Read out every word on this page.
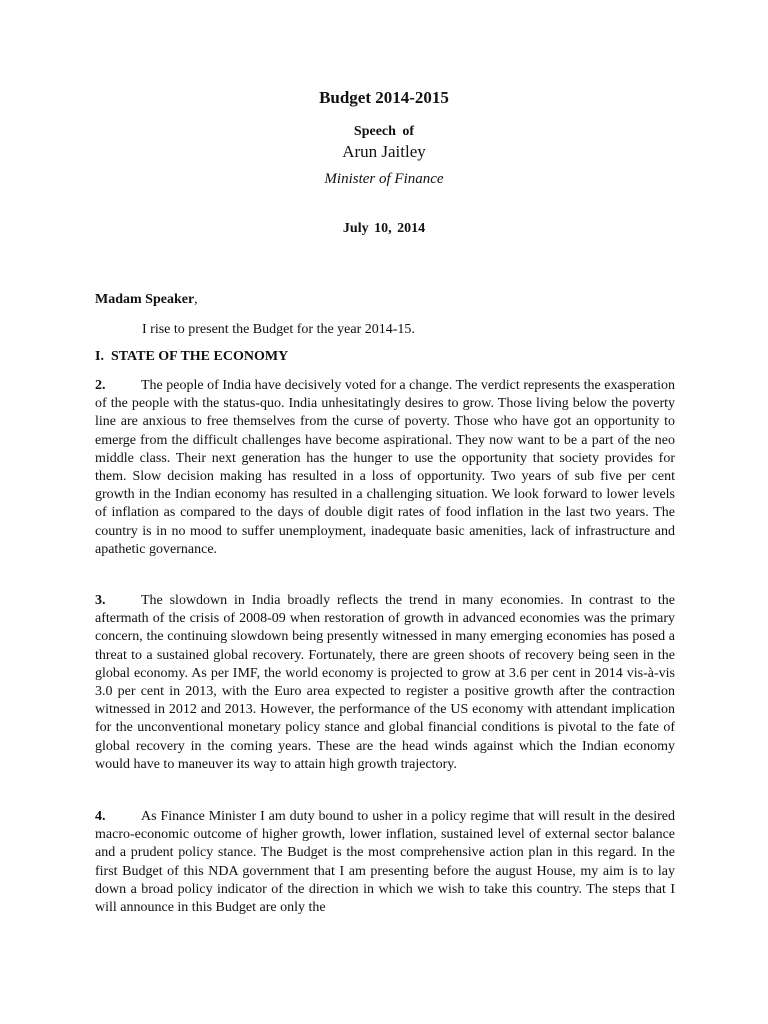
Budget 2014-2015
Speech of
Arun Jaitley
Minister of Finance
July 10, 2014
Madam Speaker,
I rise to present the Budget for the year 2014-15.
I.  STATE OF THE ECONOMY
2.	The people of India have decisively voted for a change. The verdict represents the exasperation of the people with the status-quo. India unhesitatingly desires to grow. Those living below the poverty line are anxious to free themselves from the curse of poverty. Those who have got an opportunity to emerge from the difficult challenges have become aspirational. They now want to be a part of the neo middle class. Their next generation has the hunger to use the opportunity that society provides for them. Slow decision making has resulted in a loss of opportunity. Two years of sub five per cent growth in the Indian economy has resulted in a challenging situation. We look forward to lower levels of inflation as compared to the days of double digit rates of food inflation in the last two years. The country is in no mood to suffer unemployment, inadequate basic amenities, lack of infrastructure and apathetic governance.
3.	The slowdown in India broadly reflects the trend in many economies. In contrast to the aftermath of the crisis of 2008-09 when restoration of growth in advanced economies was the primary concern, the continuing slowdown being presently witnessed in many emerging economies has posed a threat to a sustained global recovery. Fortunately, there are green shoots of recovery being seen in the global economy. As per IMF, the world economy is projected to grow at 3.6 per cent in 2014 vis-à-vis 3.0 per cent in 2013, with the Euro area expected to register a positive growth after the contraction witnessed in 2012 and 2013. However, the performance of the US economy with attendant implication for the unconventional monetary policy stance and global financial conditions is pivotal to the fate of global recovery in the coming years. These are the head winds against which the Indian economy would have to maneuver its way to attain high growth trajectory.
4.	As Finance Minister I am duty bound to usher in a policy regime that will result in the desired macro-economic outcome of higher growth, lower inflation, sustained level of external sector balance and a prudent policy stance. The Budget is the most comprehensive action plan in this regard. In the first Budget of this NDA government that I am presenting before the august House, my aim is to lay down a broad policy indicator of the direction in which we wish to take this country. The steps that I will announce in this Budget are only the
